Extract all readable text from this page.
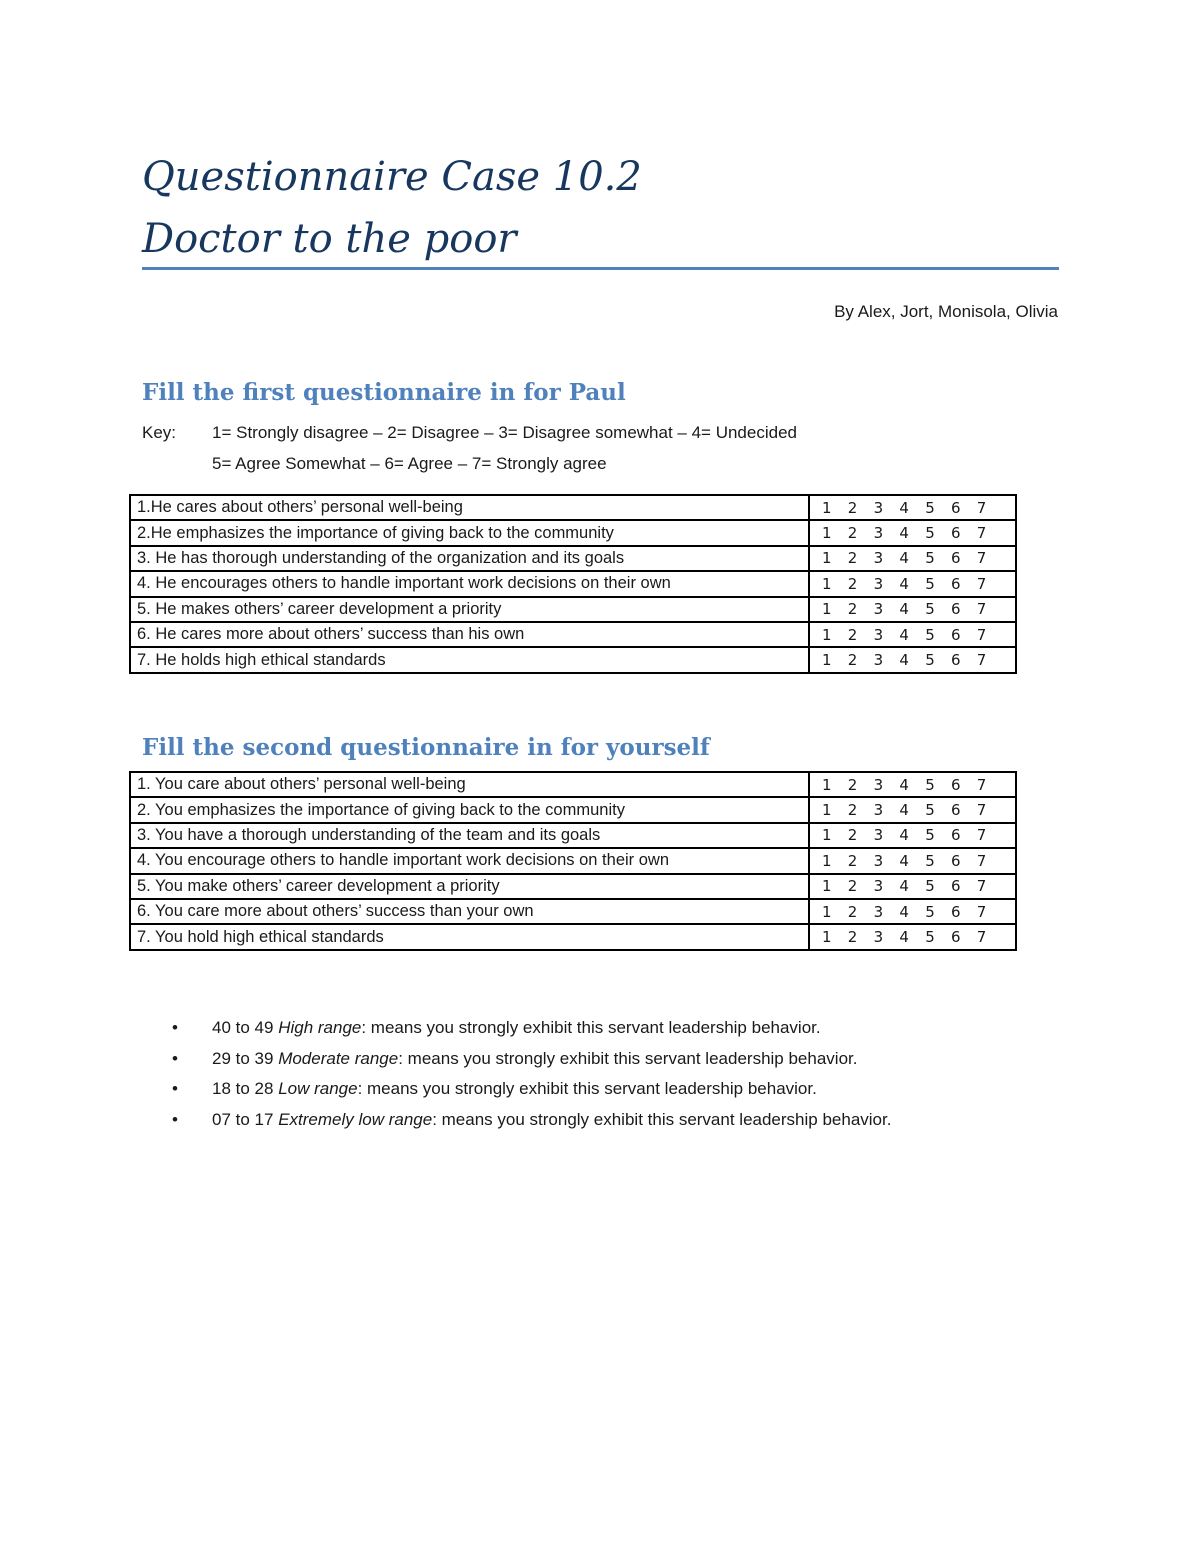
Questionnaire Case 10.2
Doctor to the poor
By Alex, Jort, Monisola, Olivia
Fill the first questionnaire in for Paul
Key:	1= Strongly disagree – 2= Disagree – 3= Disagree somewhat – 4= Undecided
5= Agree Somewhat – 6= Agree – 7= Strongly agree
1.He cares about others’ personal well-being	1 2 3 4 5 6 7
2.He emphasizes the importance of giving back to the community	1 2 3 4 5 6 7
3. He has thorough understanding of the organization and its goals	1 2 3 4 5 6 7
4. He encourages others to handle important work decisions on their own	1 2 3 4 5 6 7
5. He makes others’ career development a priority	1 2 3 4 5 6 7
6. He cares more about others’ success than his own	1 2 3 4 5 6 7
7. He holds high ethical standards	1 2 3 4 5 6 7
Fill the second questionnaire in for yourself
1. You care about others’ personal well-being	1 2 3 4 5 6 7
2. You emphasizes the importance of giving back to the community	1 2 3 4 5 6 7
3. You have a thorough understanding of the team and its goals	1 2 3 4 5 6 7
4. You encourage others to handle important work decisions on their own	1 2 3 4 5 6 7
5. You make others’ career development a priority	1 2 3 4 5 6 7
6. You care more about others’ success than your own	1 2 3 4 5 6 7
7. You hold high ethical standards	1 2 3 4 5 6 7
•	40 to 49 High range: means you strongly exhibit this servant leadership behavior.
•	29 to 39 Moderate range: means you strongly exhibit this servant leadership behavior.
•	18 to 28 Low range: means you strongly exhibit this servant leadership behavior.
•	07 to 17 Extremely low range: means you strongly exhibit this servant leadership behavior.
